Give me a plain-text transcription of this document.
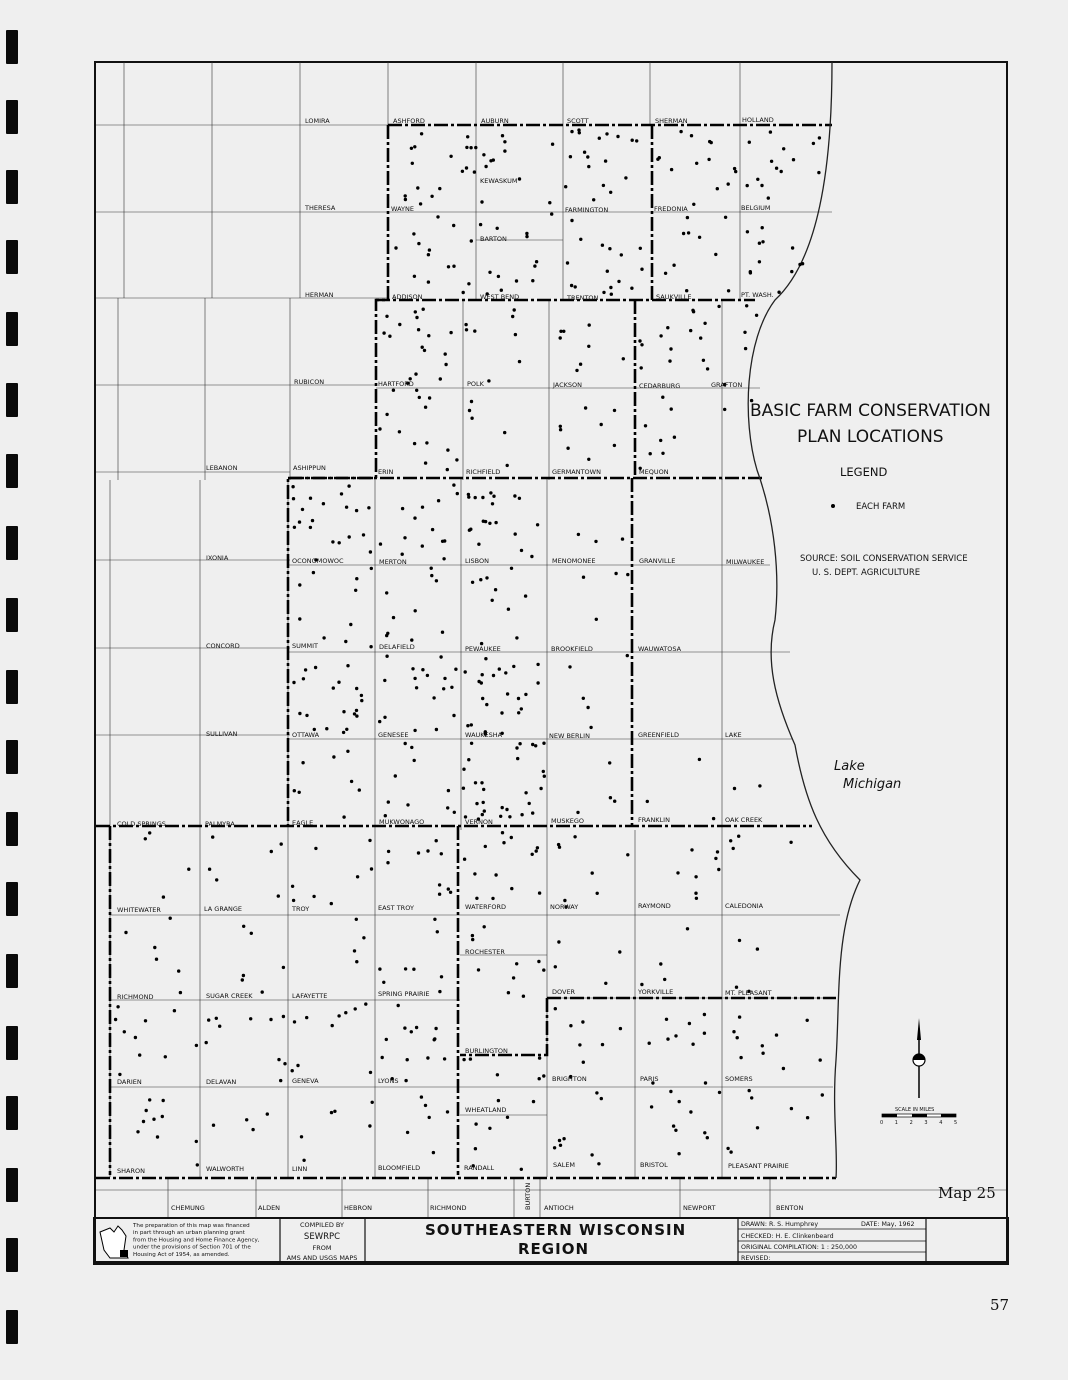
LOMIRA	ASHFORD	AUBURN	SCOTT	SHERMAN	HOLLAND
KEWASKUM
THERESA	WAYNE	FARMINGTON	FREDONIA	BELGIUM
BARTON
HERMAN	ADDISON	WEST BEND	TRENTON	SAUKVILLE	PT. WASH.
RUBICON	HARTFORD	POLK	JACKSON	CEDARBURG	GRAFTON
LEBANON	ASHIPPUN	ERIN	RICHFIELD	GERMANTOWN	MEQUON
IXONIA	OCONOMOWOC	MERTON	LISBON	MENOMONEE	GRANVILLE	MILWAUKEE
CONCORD	SUMMIT	DELAFIELD	PEWAUKEE	BROOKFIELD	WAUWATOSA
SULLIVAN	OTTAWA	GENESEE	WAUKESHA	NEW BERLIN	GREENFIELD	LAKE
COLD SPRINGS	PALMYRA	EAGLE	MUKWONAGO	VERNON	MUSKEGO	FRANKLIN	OAK CREEK
WHITEWATER	LA GRANGE	TROY	EAST TROY	WATERFORD	NORWAY	RAYMOND	CALEDONIA
ROCHESTER
RICHMOND	SUGAR CREEK	LAFAYETTE	SPRING PRAIRIE	DOVER	YORKVILLE	MT. PLEASANT
BURLINGTON
DARIEN	DELAVAN	GENEVA	LYONS	BRIGHTON	PARIS	SOMERS
WHEATLAND
SHARON	WALWORTH	LINN	BLOOMFIELD	RANDALL	SALEM	BRISTOL	PLEASANT PRAIRIE
CHEMUNG	ALDEN	HEBRON	RICHMOND	BURTON ANTIOCH	NEWPORT	BENTON
BASIC FARM CONSERVATION
PLAN LOCATIONS
LEGEND
EACH FARM
SOURCE: SOIL CONSERVATION SERVICE
U. S. DEPT. AGRICULTURE
Lake
Michigan
SCALE IN MILES
0 1 2 3 4 5
The preparation of this map was financed
in part through an urban planning grant
from the Housing and Home Finance Agency,
under the provisions of Section 701 of the
Housing Act of 1954, as amended.
COMPILED BY
SEWRPC
FROM
AMS AND USGS MAPS
SOUTHEASTERN WISCONSIN
REGION
DRAWN: R. S. Humphrey	DATE: May, 1962
CHECKED: H. E. Clinkenbeard
ORIGINAL COMPILATION: 1 : 250,000
REVISED:
Map 25
57
